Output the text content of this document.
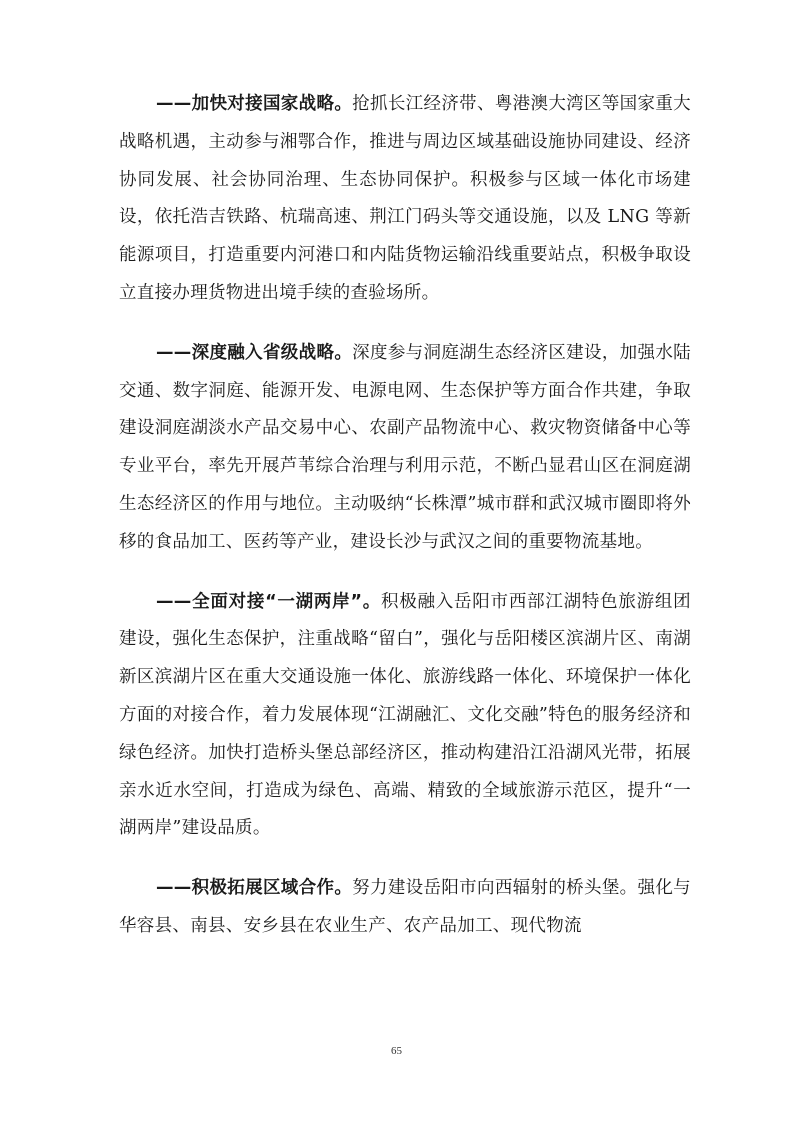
——加快对接国家战略。抢抓长江经济带、粤港澳大湾区等国家重大战略机遇，主动参与湘鄂合作，推进与周边区域基础设施协同建设、经济协同发展、社会协同治理、生态协同保护。积极参与区域一体化市场建设，依托浩吉铁路、杭瑞高速、荆江门码头等交通设施，以及 LNG 等新能源项目，打造重要内河港口和内陆货物运输沿线重要站点，积极争取设立直接办理货物进出境手续的查验场所。

——深度融入省级战略。深度参与洞庭湖生态经济区建设，加强水陆交通、数字洞庭、能源开发、电源电网、生态保护等方面合作共建，争取建设洞庭湖淡水产品交易中心、农副产品物流中心、救灾物资储备中心等专业平台，率先开展芦苇综合治理与利用示范，不断凸显君山区在洞庭湖生态经济区的作用与地位。主动吸纳“长株潭”城市群和武汉城市圈即将外移的食品加工、医药等产业，建设长沙与武汉之间的重要物流基地。

——全面对接“一湖两岸”。积极融入岳阳市西部江湖特色旅游组团建设，强化生态保护，注重战略“留白”，强化与岳阳楼区滨湖片区、南湖新区滨湖片区在重大交通设施一体化、旅游线路一体化、环境保护一体化方面的对接合作，着力发展体现“江湖融汇、文化交融”特色的服务经济和绿色经济。加快打造桥头堡总部经济区，推动构建沿江沿湖风光带，拓展亲水近水空间，打造成为绿色、高端、精致的全域旅游示范区，提升“一湖两岸”建设品质。

——积极拓展区域合作。努力建设岳阳市向西辐射的桥头堡。强化与华容县、南县、安乡县在农业生产、农产品加工、现代物流

65
